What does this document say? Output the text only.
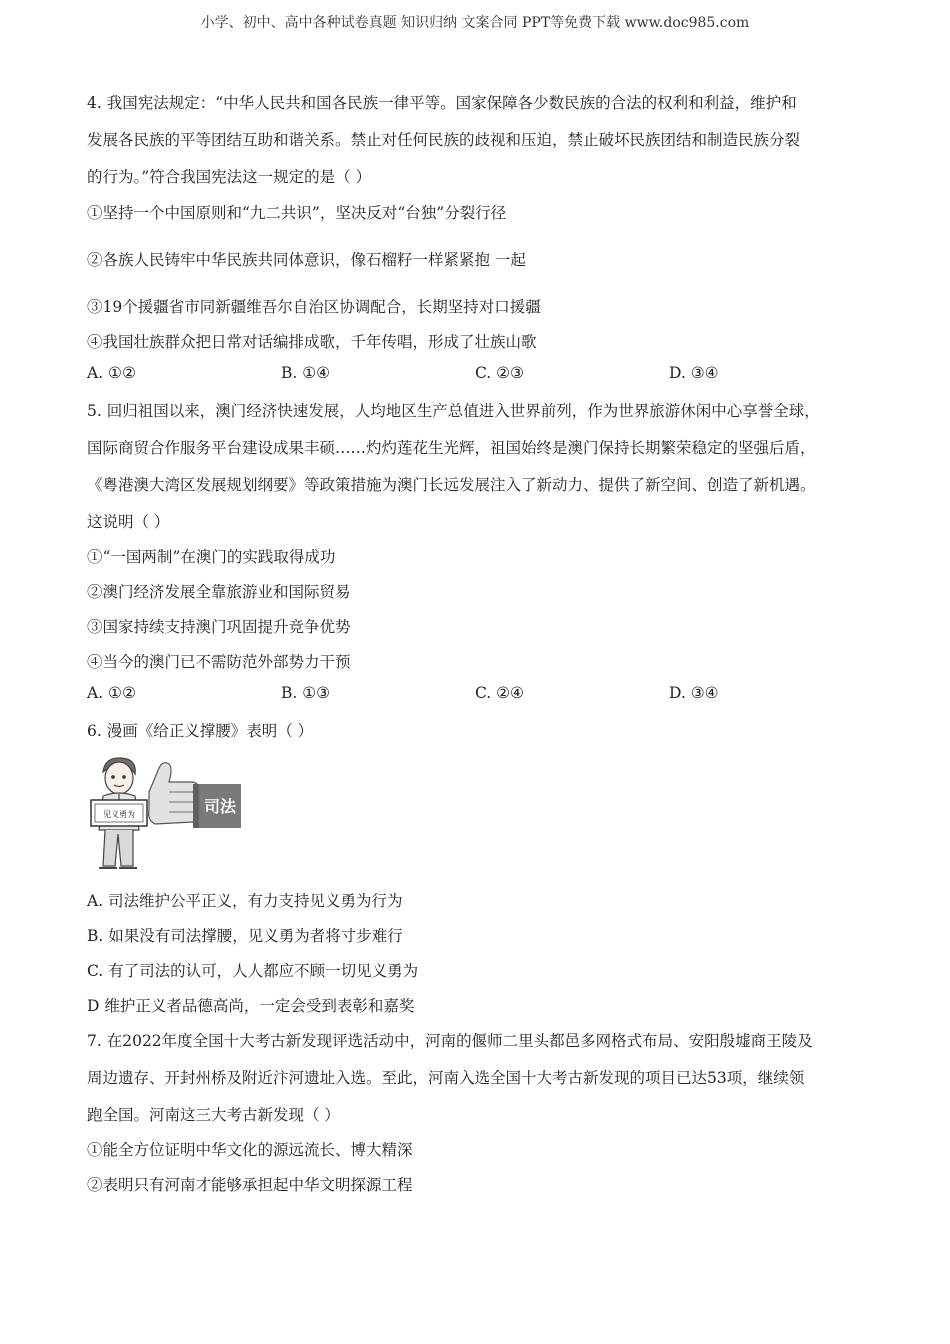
小学、初中、高中各种试卷真题 知识归纳 文案合同 PPT等免费下载 www.doc985.com
4. 我国宪法规定：“中华人民共和国各民族一律平等。国家保障各少数民族的合法的权利和利益，维护和
发展各民族的平等团结互助和谐关系。禁止对任何民族的歧视和压迫，禁止破坏民族团结和制造民族分裂
的行为。”符合我国宪法这一规定的是（ ）
①坚持一个中国原则和“九二共识”，坚决反对“台独”分裂行径
②各族人民铸牢中华民族共同体意识，像石榴籽一样紧紧抱 一起
③19个援疆省市同新疆维吾尔自治区协调配合，长期坚持对口援疆
④我国壮族群众把日常对话编排成歌，千年传唱，形成了壮族山歌
A. ①②	B. ①④	C. ②③	D. ③④
5. 回归祖国以来，澳门经济快速发展，人均地区生产总值进入世界前列，作为世界旅游休闲中心享誉全球，
国际商贸合作服务平台建设成果丰硕……灼灼莲花生光辉，祖国始终是澳门保持长期繁荣稳定的坚强后盾，
《粤港澳大湾区发展规划纲要》等政策措施为澳门长远发展注入了新动力、提供了新空间、创造了新机遇。
这说明（ ）
①“一国两制”在澳门的实践取得成功
②澳门经济发展全靠旅游业和国际贸易
③国家持续支持澳门巩固提升竞争优势
④当今的澳门已不需防范外部势力干预
A. ①②	B. ①③	C. ②④	D. ③④
6. 漫画《给正义撑腰》表明（ ）
见义勇为	司法
A. 司法维护公平正义，有力支持见义勇为行为
B. 如果没有司法撑腰，见义勇为者将寸步难行
C. 有了司法的认可，人人都应不顾一切见义勇为
D 维护正义者品德高尚，一定会受到表彰和嘉奖
7. 在2022年度全国十大考古新发现评选活动中，河南的偃师二里头都邑多网格式布局、安阳殷墟商王陵及
周边遗存、开封州桥及附近汴河遗址入选。至此，河南入选全国十大考古新发现的项目已达53项，继续领
跑全国。河南这三大考古新发现（ ）
①能全方位证明中华文化的源远流长、博大精深
②表明只有河南才能够承担起中华文明探源工程
